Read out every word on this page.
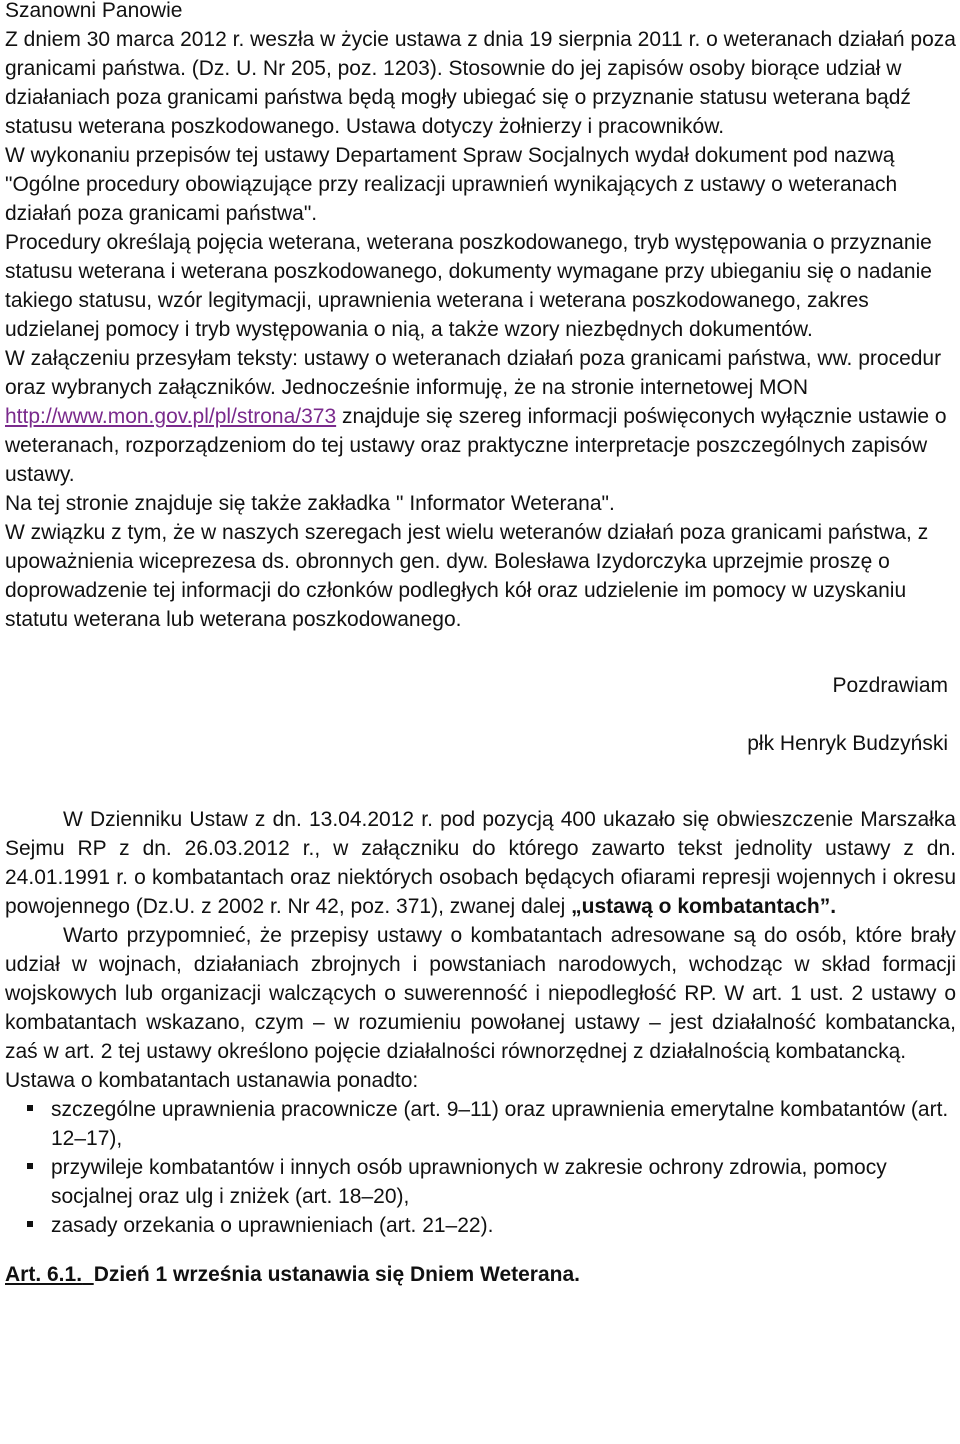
Szanowni Panowie

Z dniem 30 marca 2012 r. weszła w życie ustawa z dnia 19 sierpnia 2011 r. o weteranach działań poza granicami państwa. (Dz. U. Nr 205, poz. 1203). Stosownie do jej zapisów osoby biorące udział w działaniach poza granicami państwa będą mogły ubiegać się o przyznanie statusu weterana bądź statusu weterana poszkodowanego. Ustawa dotyczy żołnierzy i pracowników.

W wykonaniu przepisów tej ustawy Departament Spraw Socjalnych wydał dokument pod nazwą "Ogólne procedury obowiązujące przy realizacji uprawnień wynikających z ustawy o weteranach działań poza granicami państwa".

Procedury określają pojęcia weterana, weterana poszkodowanego, tryb występowania o przyznanie statusu weterana i weterana poszkodowanego, dokumenty wymagane przy ubieganiu się o nadanie takiego statusu, wzór legitymacji, uprawnienia weterana i weterana poszkodowanego, zakres udzielanej pomocy i tryb występowania o nią, a także wzory niezbędnych dokumentów.

W załączeniu przesyłam teksty: ustawy o weteranach działań poza granicami państwa, ww. procedur oraz wybranych załączników. Jednocześnie informuję, że na stronie internetowej MON http://www.mon.gov.pl/pl/strona/373 znajduje się szereg informacji poświęconych wyłącznie ustawie o weteranach, rozporządzeniom do tej ustawy oraz praktyczne interpretacje poszczególnych zapisów ustawy.

Na tej stronie znajduje się także zakładka " Informator Weterana".

W związku z tym, że w naszych szeregach jest wielu weteranów działań poza granicami państwa, z upoważnienia wiceprezesa ds. obronnych gen. dyw. Bolesława Izydorczyka uprzejmie proszę o doprowadzenie tej informacji do członków podległych kół oraz udzielenie im pomocy w uzyskaniu statutu weterana lub weterana poszkodowanego.

Pozdrawiam

płk Henryk Budzyński

W Dzienniku Ustaw z dn. 13.04.2012 r. pod pozycją 400 ukazało się obwieszczenie Marszałka Sejmu RP z dn. 26.03.2012 r., w załączniku do którego zawarto tekst jednolity ustawy z dn. 24.01.1991 r. o kombatantach oraz niektórych osobach będących ofiarami represji wojennych i okresu powojennego (Dz.U. z 2002 r. Nr 42, poz. 371), zwanej dalej „ustawą o kombatantach”.

Warto przypomnieć, że przepisy ustawy o kombatantach adresowane są do osób, które brały udział w wojnach, działaniach zbrojnych i powstaniach narodowych, wchodząc w skład formacji wojskowych lub organizacji walczących o suwerenność i niepodległość RP. W art. 1 ust. 2 ustawy o kombatantach wskazano, czym – w rozumieniu powołanej ustawy – jest działalność kombatancka, zaś w art. 2 tej ustawy określono pojęcie działalności równorzędnej z działalnością kombatancką.

Ustawa o kombatantach ustanawia ponadto:

szczególne uprawnienia pracownicze (art. 9–11) oraz uprawnienia emerytalne kombatantów (art. 12–17),
przywileje kombatantów i innych osób uprawnionych w zakresie ochrony zdrowia, pomocy socjalnej oraz ulg i zniżek (art. 18–20),
zasady orzekania o uprawnieniach (art. 21–22).

Art. 6.1. Dzień 1 września ustanawia się Dniem Weterana.
